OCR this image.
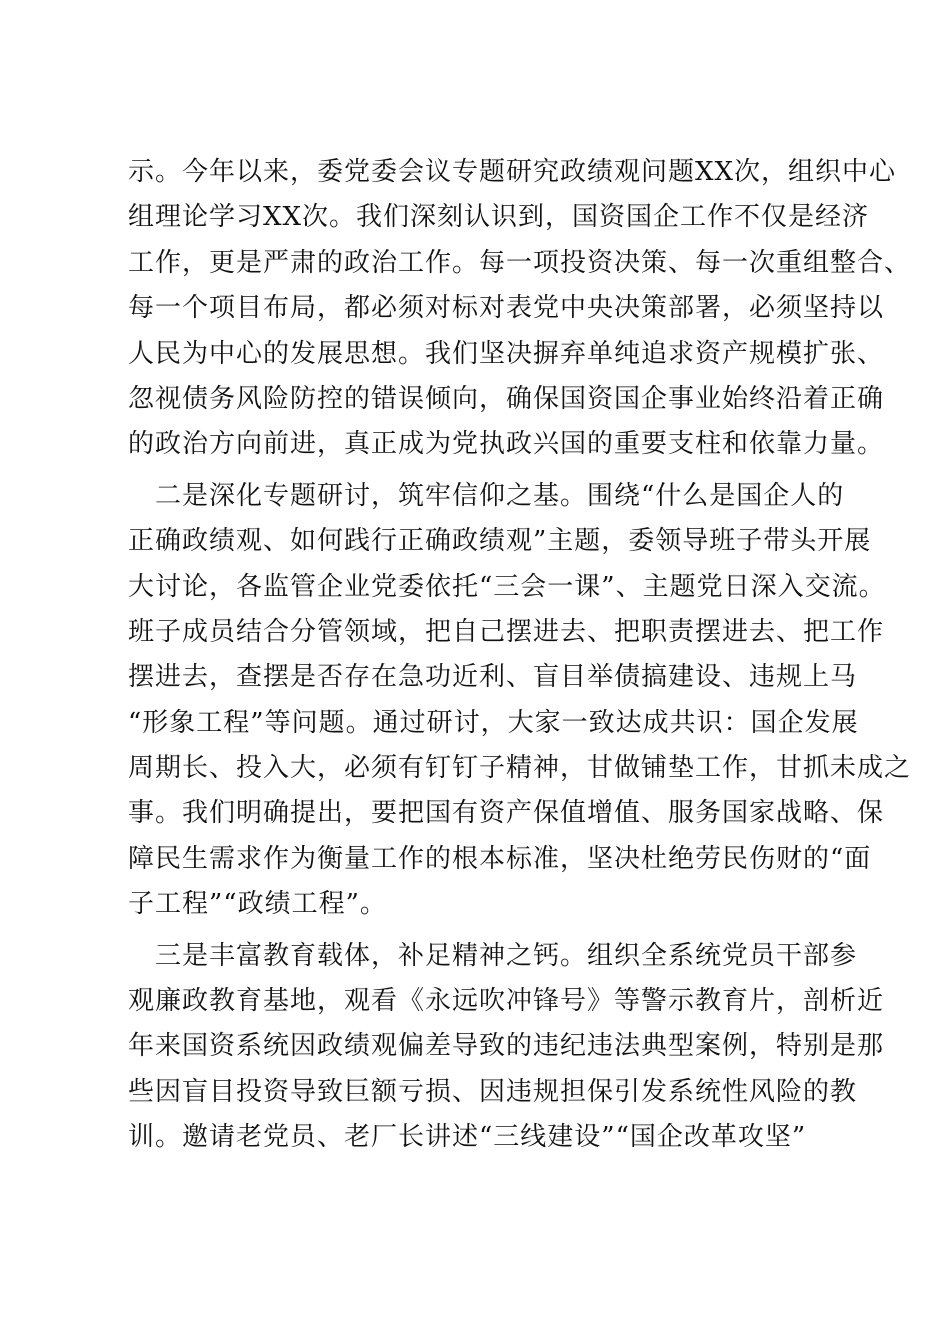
示。今年以来，委党委会议专题研究政绩观问题XX次，组织中心
组理论学习XX次。我们深刻认识到，国资国企工作不仅是经济
工作，更是严肃的政治工作。每一项投资决策、每一次重组整合、
每一个项目布局，都必须对标对表党中央决策部署，必须坚持以
人民为中心的发展思想。我们坚决摒弃单纯追求资产规模扩张、
忽视债务风险防控的错误倾向，确保国资国企事业始终沿着正确
的政治方向前进，真正成为党执政兴国的重要支柱和依靠力量。
　二是深化专题研讨，筑牢信仰之基。围绕“什么是国企人的
正确政绩观、如何践行正确政绩观”主题，委领导班子带头开展
大讨论，各监管企业党委依托“三会一课”、主题党日深入交流。
班子成员结合分管领域，把自己摆进去、把职责摆进去、把工作
摆进去，查摆是否存在急功近利、盲目举债搞建设、违规上马
“形象工程”等问题。通过研讨，大家一致达成共识：国企发展
周期长、投入大，必须有钉钉子精神，甘做铺垫工作，甘抓未成之
事。我们明确提出，要把国有资产保值增值、服务国家战略、保
障民生需求作为衡量工作的根本标准，坚决杜绝劳民伤财的“面
子工程”“政绩工程”。
　三是丰富教育载体，补足精神之钙。组织全系统党员干部参
观廉政教育基地，观看《永远吹冲锋号》等警示教育片，剖析近
年来国资系统因政绩观偏差导致的违纪违法典型案例，特别是那
些因盲目投资导致巨额亏损、因违规担保引发系统性风险的教
训。邀请老党员、老厂长讲述“三线建设”“国企改革攻坚”
